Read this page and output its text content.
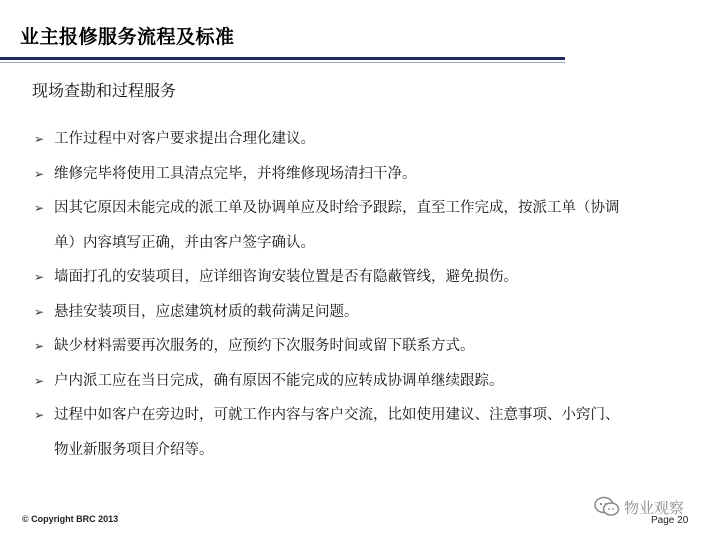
业主报修服务流程及标准
现场查勘和过程服务
➢ 工作过程中对客户要求提出合理化建议。
➢ 维修完毕将使用工具清点完毕，并将维修现场清扫干净。
➢ 因其它原因未能完成的派工单及协调单应及时给予跟踪，直至工作完成，按派工单（协调
单）内容填写正确，并由客户签字确认。
➢ 墙面打孔的安装项目，应详细咨询安装位置是否有隐蔽管线，避免损伤。
➢ 悬挂安装项目，应虑建筑材质的载荷满足问题。
➢ 缺少材料需要再次服务的，应预约下次服务时间或留下联系方式。
➢ 户内派工应在当日完成，确有原因不能完成的应转成协调单继续跟踪。
➢ 过程中如客户在旁边时，可就工作内容与客户交流，比如使用建议、注意事项、小窍门、
物业新服务项目介绍等。
© Copyright BRC 2013
物业观察
Page 20
